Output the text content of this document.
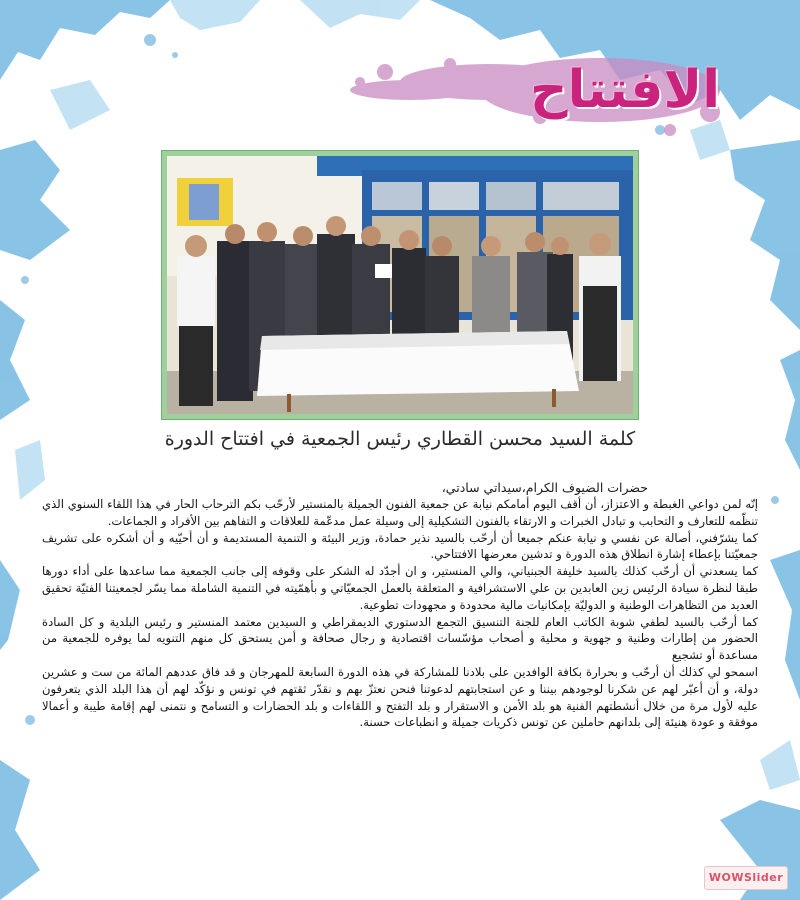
الافتتاح
كلمة السيد محسن القطاري رئيس الجمعية في افتتاح الدورة
حضرات الضيوف الكرام،سيداتي سادتي،

إنّه لمن دواعي الغبطة و الاعتزاز، أن أقف اليوم أمامكم نيابة عن جمعية الفنون الجميلة بالمنستير لأرحّب بكم الترحاب الحار في هذا اللقاء السنوي الذي تنظّمه للتعارف و التحابب و تبادل الخبرات و الارتقاء بالفنون التشكيلية إلى وسيلة عمل مدعّمة للعلاقات و التفاهم بين الأفراد و الجماعات.

كما يشرّفني، أصالة عن نفسي و نيابة عنكم جميعا أن أرحّب بالسيد نذير حمادة، وزير البيئة و التنمية المستديمة و أن أحيّيه و أن أشكره على تشريف جمعيّتنا بإعطاء إشارة انطلاق هذه الدورة و تدشين معرضها الافتتاحي.

كما يسعدني أن أرحّب كذلك بالسيد خليفة الجبنياني، والي المنستير، و ان أجدّد له الشكر على وقوفه إلى جانب الجمعية مما ساعدها على أداء دورها طبقا لنظرة سيادة الرئيس زين العابدين بن علي الاستشرافية و المتعلقة بالعمل الجمعيّاتي و بأهمّيته في التنمية الشاملة مما يسّر لجمعيتنا الفتيّة تحقيق العديد من التظاهرات الوطنية و الدوليّة بإمكانيات مالية محدودة و مجهودات تطوعية.

كما أرحّب بالسيد لطفي شوبة الكاتب العام للجنة التنسيق التجمع الدستوري الديمقراطي و السيدين معتمد المنستير و رئيس البلدية و كل السادة الحضور من إطارات وطنية و جهوية و محلية و أصحاب مؤسّسات اقتصادية و رجال صحافة و أمن يستحق كل منهم التنويه لما يوفره للجمعية من مساعدة أو تشجيع

اسمحو لي كذلك أن أرحّب و بحرارة بكافة الوافدين على بلادنا للمشاركة في هذه الدورة السابعة للمهرجان و قد فاق عددهم المائة من ست و عشرين دولة، و أن أعبّر لهم عن شكرنا لوجودهم بيننا و عن استجابتهم لدعوتنا فنحن نعتزّ بهم و نقدّر ثقتهم في تونس و نؤكّد لهم أن هذا البلد الذي يتعرفون عليه لأول مرة من خلال أنشطتهم الفنية هو بلد الأمن و الاستقرار و بلد التفتح و اللقاءات و بلد الحضارات و التسامح و نتمنى لهم إقامة طيبة و أعمالا موفقة و عودة هنيئة إلى بلدانهم حاملين عن تونس ذكريات جميلة و انطباعات حسنة.

WOWSlider
